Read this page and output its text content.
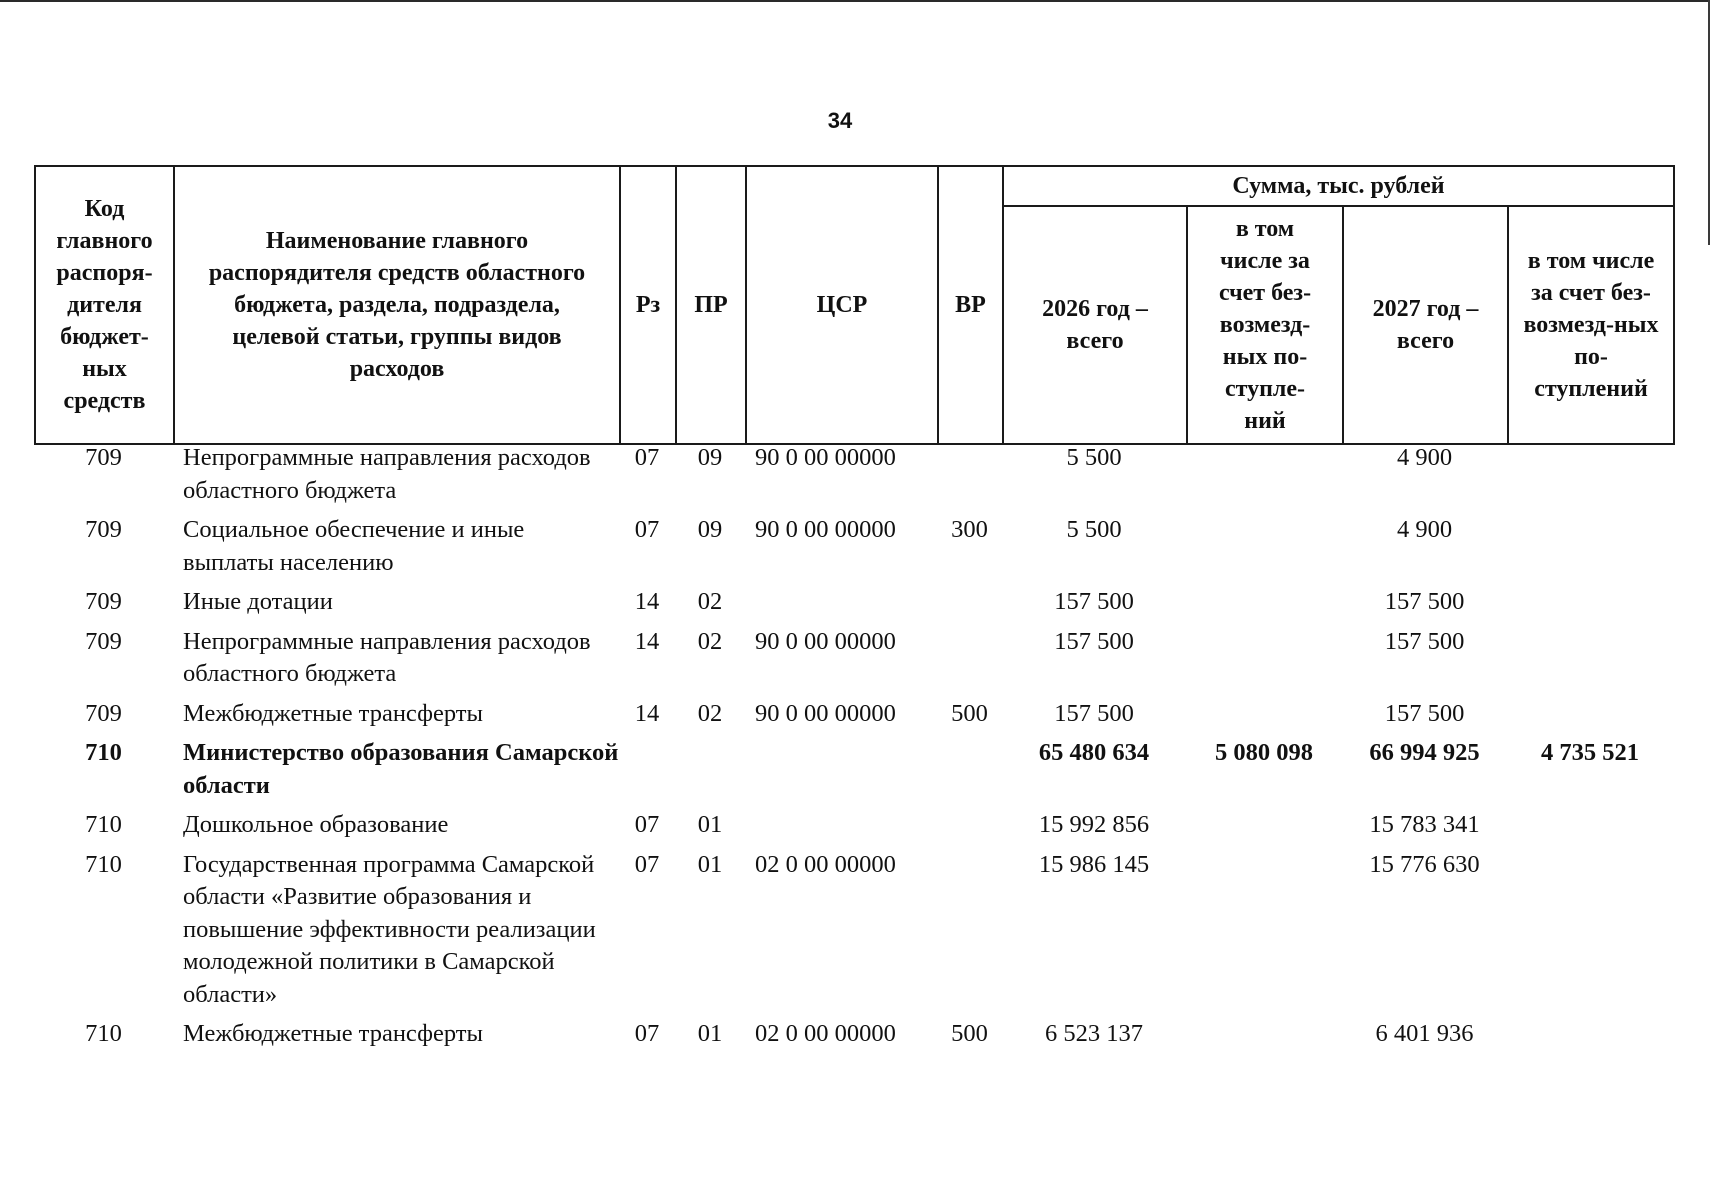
34
Код главного распоря-дителя бюджет-ных средств	Наименование главного распорядителя средств областного бюджета, раздела, подраздела, целевой статьи, группы видов расходов	Рз	ПР	ЦСР	ВР	Сумма, тыс. рублей			
						2026 год – всего	в том числе за счет без-возмезд-ных по-ступле-ний	2027 год – всего	в том числе за счет без-возмезд-ных по-ступлений
709	Непрограммные направления расходов областного бюджета	07	09	90 0 00 00000		5 500		4 900	
709	Социальное обеспечение и иные выплаты населению	07	09	90 0 00 00000	300	5 500		4 900	
709	Иные дотации	14	02			157 500		157 500	
709	Непрограммные направления расходов областного бюджета	14	02	90 0 00 00000		157 500		157 500	
709	Межбюджетные трансферты	14	02	90 0 00 00000	500	157 500		157 500	
710	Министерство образования Самарской области					65 480 634	5 080 098	66 994 925	4 735 521
710	Дошкольное образование	07	01			15 992 856		15 783 341	
710	Государственная программа Самарской области «Развитие образования и повышение эффективности реализации молодежной политики в Самарской области»	07	01	02 0 00 00000		15 986 145		15 776 630	
710	Межбюджетные трансферты	07	01	02 0 00 00000	500	6 523 137		6 401 936	
